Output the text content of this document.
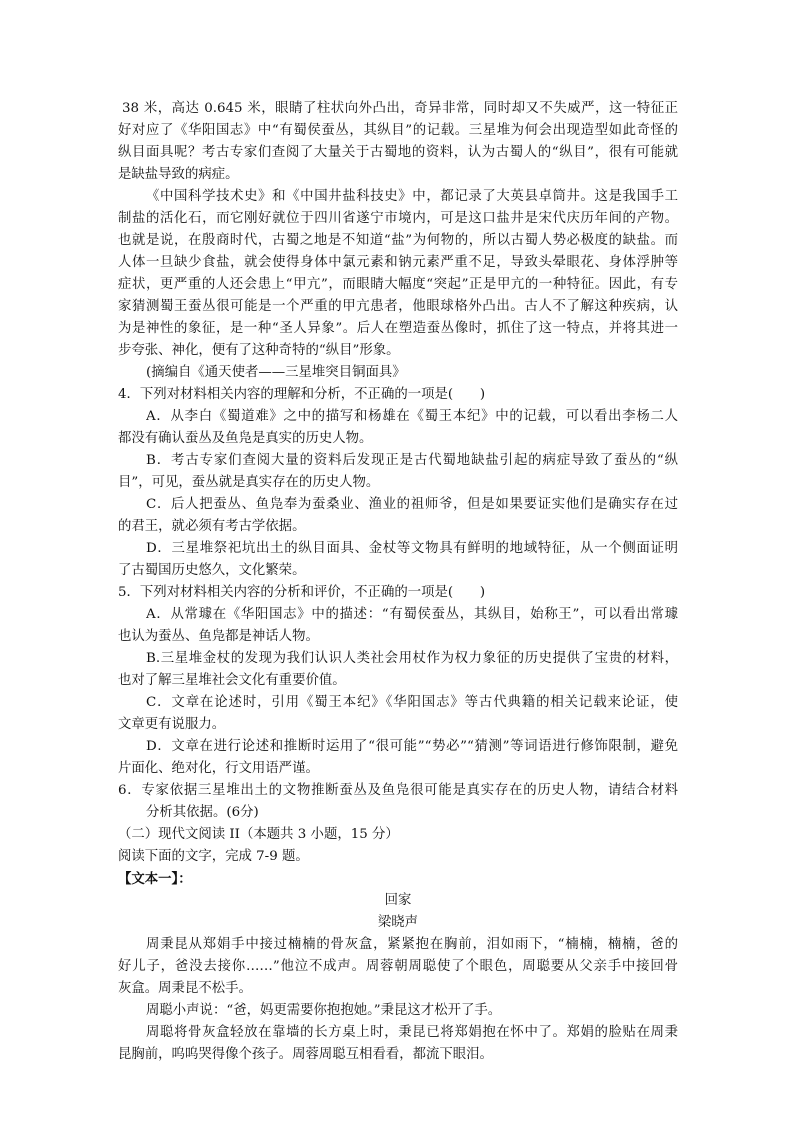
38 米，高达 0.645 米，眼睛了柱状向外凸出，奇异非常，同时却又不失威严，这一特征正
好对应了《华阳国志》中“有蜀侯蚕丛，其纵目”的记载。三星堆为何会出现造型如此奇怪的
纵目面具呢？考古专家们查阅了大量关于古蜀地的资料，认为古蜀人的“纵目”，很有可能就
是缺盐导致的病症。
《中国科学技术史》和《中国井盐科技史》中，都记录了大英县卓筒井。这是我国手工
制盐的活化石，而它刚好就位于四川省遂宁市境内，可是这口盐井是宋代庆历年间的产物。
也就是说，在殷商时代，古蜀之地是不知道“盐”为何物的，所以古蜀人势必极度的缺盐。而
人体一旦缺少食盐，就会使得身体中氯元素和钠元素严重不足，导致头晕眼花、身体浮肿等
症状，更严重的人还会患上“甲亢”，而眼睛大幅度“突起”正是甲亢的一种特征。因此，有专
家猜测蜀王蚕丛很可能是一个严重的甲亢患者，他眼球格外凸出。古人不了解这种疾病，认
为是神性的象征，是一种“圣人异象”。后人在塑造蚕丛像时，抓住了这一特点，并将其进一
步夸张、神化，便有了这种奇特的“纵目”形象。
(摘编自《通天使者——三星堆突目铜面具》
4．下列对材料相关内容的理解和分析，不正确的一项是(　　)
A．从李白《蜀道难》之中的描写和杨雄在《蜀王本纪》中的记载，可以看出李杨二人
都没有确认蚕丛及鱼凫是真实的历史人物。
B．考古专家们查阅大量的资料后发现正是古代蜀地缺盐引起的病症导致了蚕丛的“纵
目”，可见，蚕丛就是真实存在的历史人物。
C．后人把蚕丛、鱼凫奉为蚕桑业、渔业的祖师爷，但是如果要证实他们是确实存在过
的君王，就必须有考古学依据。
D．三星堆祭祀坑出土的纵目面具、金杖等文物具有鲜明的地域特征，从一个侧面证明
了古蜀国历史悠久，文化繁荣。
5．下列对材料相关内容的分析和评价，不正确的一项是(　　)
A．从常璩在《华阳国志》中的描述：“有蜀侯蚕丛，其纵目，始称王”，可以看出常璩
也认为蚕丛、鱼凫都是神话人物。
B.三星堆金杖的发现为我们认识人类社会用杖作为权力象征的历史提供了宝贵的材料，
也对了解三星堆社会文化有重要价值。
C．文章在论述时，引用《蜀王本纪》《华阳国志》等古代典籍的相关记载来论证，使
文章更有说服力。
D．文章在进行论述和推断时运用了“很可能”“势必”“猜测”等词语进行修饰限制，避免
片面化、绝对化，行文用语严谨。
6．专家依据三星堆出土的文物推断蚕丛及鱼凫很可能是真实存在的历史人物，请结合材料
分析其依据。(6分)
（二）现代文阅读 II（本题共 3 小题，15 分）
阅读下面的文字，完成 7-9 题。
【文本一】：
回家
梁晓声
周秉昆从郑娟手中接过楠楠的骨灰盒，紧紧抱在胸前，泪如雨下，“楠楠，楠楠，爸的
好儿子，爸没去接你……”他泣不成声。周蓉朝周聪使了个眼色，周聪要从父亲手中接回骨
灰盒。周秉昆不松手。
周聪小声说：“爸，妈更需要你抱抱她。”秉昆这才松开了手。
周聪将骨灰盒轻放在靠墙的长方桌上时，秉昆已将郑娟抱在怀中了。郑娟的脸贴在周秉
昆胸前，呜呜哭得像个孩子。周蓉周聪互相看看，都流下眼泪。
